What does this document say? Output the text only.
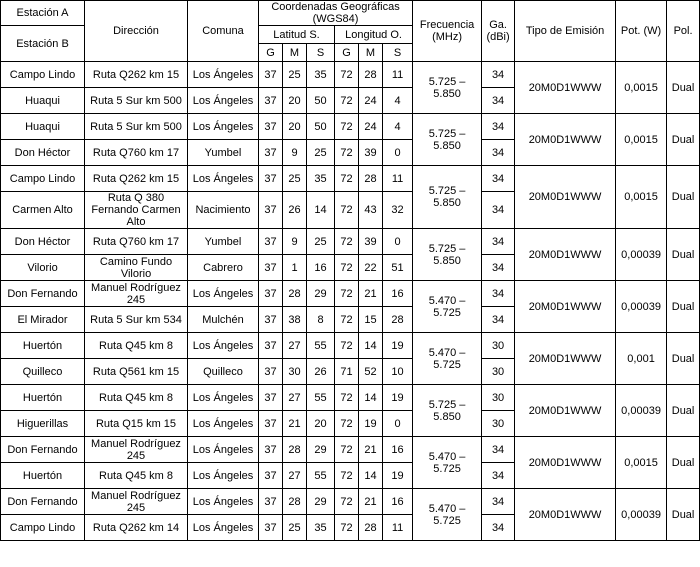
Estación A	Dirección	Comuna	Coordenadas Geográficas (WGS84)						Frecuencia (MHz)	Ga. (dBi)	Tipo de Emisión	Pot. (W)	Pol.
Estación B			Latitud S.			Longitud O.							
			G	M	S	G	M	S					
Campo Lindo	Ruta Q262 km 15	Los Ángeles	37	25	35	72	28	11	5.725 – 5.850	34	20M0D1WWW	0,0015	Dual
Huaqui	Ruta 5 Sur km 500	Los Ángeles	37	20	50	72	24	4		34			
Huaqui	Ruta 5 Sur km 500	Los Ángeles	37	20	50	72	24	4	5.725 – 5.850	34	20M0D1WWW	0,0015	Dual
Don Héctor	Ruta Q760 km 17	Yumbel	37	9	25	72	39	0		34			
Campo Lindo	Ruta Q262 km 15	Los Ángeles	37	25	35	72	28	11	5.725 – 5.850	34	20M0D1WWW	0,0015	Dual
Carmen Alto	Ruta Q 380 Fernando Carmen Alto	Nacimiento	37	26	14	72	43	32		34			
Don Héctor	Ruta Q760 km 17	Yumbel	37	9	25	72	39	0	5.725 – 5.850	34	20M0D1WWW	0,00039	Dual
Vilorio	Camino Fundo Vilorio	Cabrero	37	1	16	72	22	51		34			
Don Fernando	Manuel Rodríguez 245	Los Ángeles	37	28	29	72	21	16	5.470 – 5.725	34	20M0D1WWW	0,00039	Dual
El Mirador	Ruta 5 Sur km 534	Mulchén	37	38	8	72	15	28		34			
Huertón	Ruta Q45 km 8	Los Ángeles	37	27	55	72	14	19	5.470 – 5.725	30	20M0D1WWW	0,001	Dual
Quilleco	Ruta Q561 km 15	Quilleco	37	30	26	71	52	10		30			
Huertón	Ruta Q45 km 8	Los Ángeles	37	27	55	72	14	19	5.725 – 5.850	30	20M0D1WWW	0,00039	Dual
Higuerillas	Ruta Q15 km 15	Los Ángeles	37	21	20	72	19	0		30			
Don Fernando	Manuel Rodríguez 245	Los Ángeles	37	28	29	72	21	16	5.470 – 5.725	34	20M0D1WWW	0,0015	Dual
Huertón	Ruta Q45 km 8	Los Ángeles	37	27	55	72	14	19		34			
Don Fernando	Manuel Rodríguez 245	Los Ángeles	37	28	29	72	21	16	5.470 – 5.725	34	20M0D1WWW	0,00039	Dual
Campo Lindo	Ruta Q262 km 14	Los Ángeles	37	25	35	72	28	11		34			
